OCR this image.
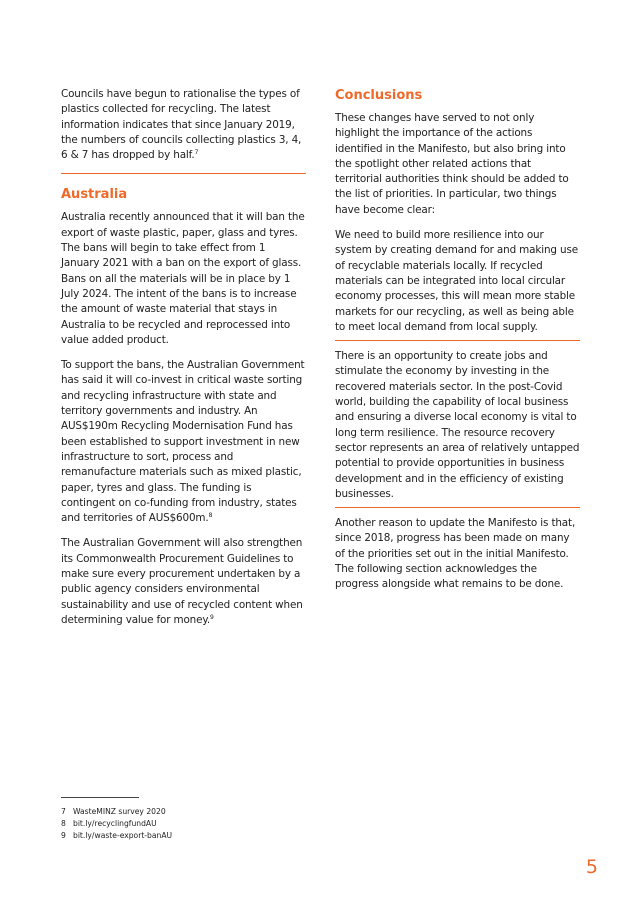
Councils have begun to rationalise the types of plastics collected for recycling. The latest information indicates that since January 2019, the numbers of councils collecting plastics 3, 4, 6 & 7 has dropped by half.$^7$

Australia

Australia recently announced that it will ban the export of waste plastic, paper, glass and tyres. The bans will begin to take effect from 1 January 2021 with a ban on the export of glass. Bans on all the materials will be in place by 1 July 2024. The intent of the bans is to increase the amount of waste material that stays in Australia to be recycled and reprocessed into value added product.

To support the bans, the Australian Government has said it will co-invest in critical waste sorting and recycling infrastructure with state and territory governments and industry. An AUS$190m Recycling Modernisation Fund has been established to support investment in new infrastructure to sort, process and remanufacture materials such as mixed plastic, paper, tyres and glass. The funding is contingent on co-funding from industry, states and territories of AUS$600m.$^8$

The Australian Government will also strengthen its Commonwealth Procurement Guidelines to make sure every procurement undertaken by a public agency considers environmental sustainability and use of recycled content when determining value for money.$^9$

Conclusions

These changes have served to not only highlight the importance of the actions identified in the Manifesto, but also bring into the spotlight other related actions that territorial authorities think should be added to the list of priorities. In particular, two things have become clear:

We need to build more resilience into our system by creating demand for and making use of recyclable materials locally. If recycled materials can be integrated into local circular economy processes, this will mean more stable markets for our recycling, as well as being able to meet local demand from local supply.

There is an opportunity to create jobs and stimulate the economy by investing in the recovered materials sector. In the post-Covid world, building the capability of local business and ensuring a diverse local economy is vital to long term resilience. The resource recovery sector represents an area of relatively untapped potential to provide opportunities in business development and in the efficiency of existing businesses.

Another reason to update the Manifesto is that, since 2018, progress has been made on many of the priorities set out in the initial Manifesto. The following section acknowledges the progress alongside what remains to be done.

7 WasteMINZ survey 2020
8 bit.ly/recyclingfundAU
9 bit.ly/waste-export-banAU
5
